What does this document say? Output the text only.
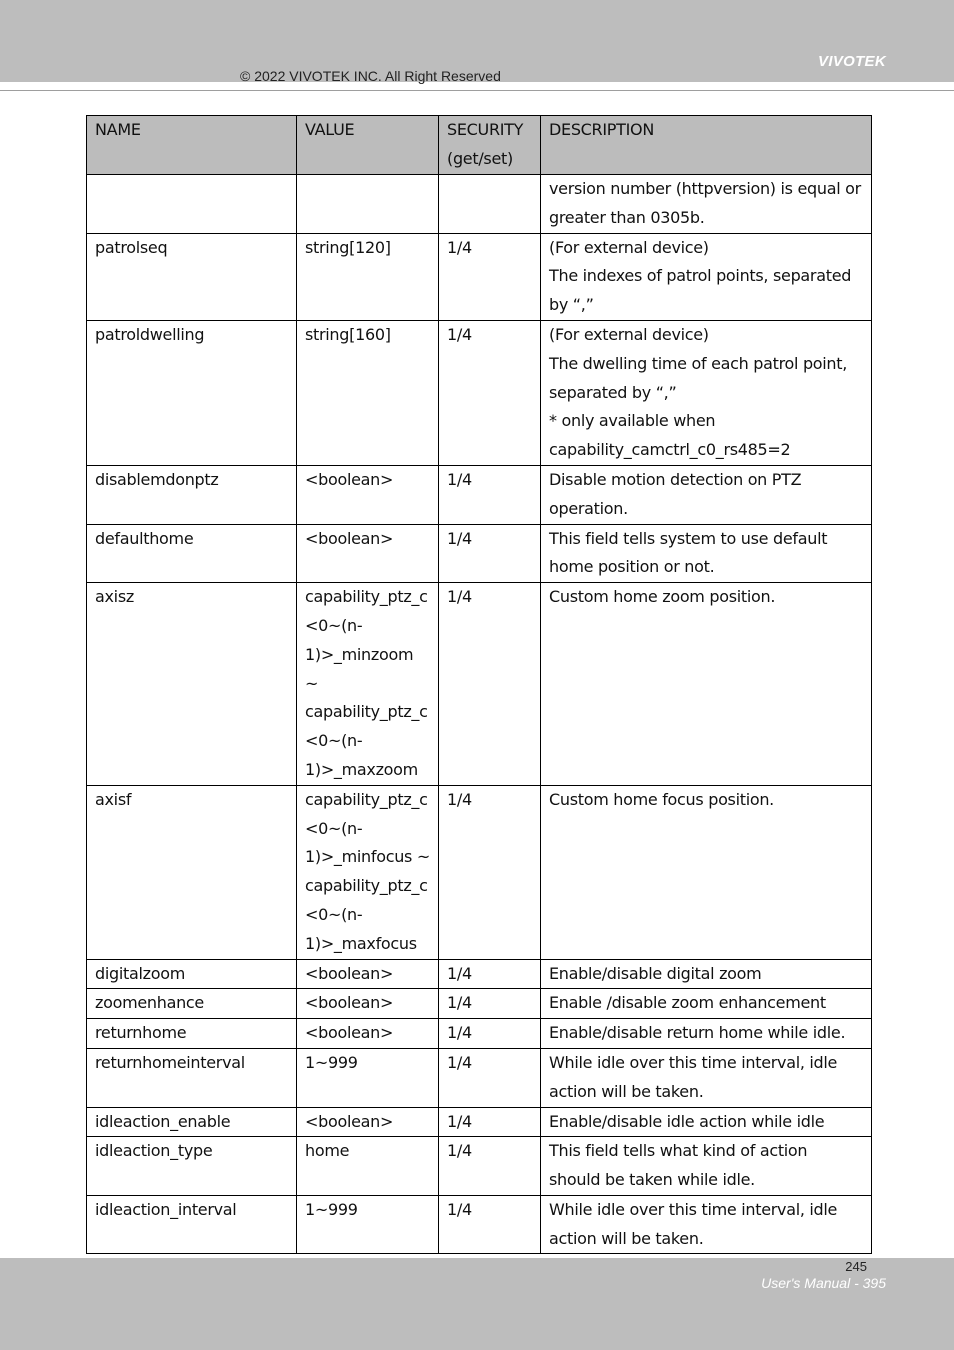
VIVOTEK
© 2022 VIVOTEK INC. All Right Reserved
NAME	VALUE	SECURITY (get/set)	DESCRIPTION

			version number (httpversion) is equal or greater than 0305b.

patrolseq	string[120]	1/4	(For external device)
The indexes of patrol points, separated by “,”

patroldwelling	string[160]	1/4	(For external device)
The dwelling time of each patrol point, separated by “,”
* only available when capability_camctrl_c0_rs485=2

disablemdonptz	<boolean>	1/4	Disable motion detection on PTZ operation.

defaulthome	<boolean>	1/4	This field tells system to use default home position or not.

axisz	capability_ptz_c<0~(n-1)>_minzoom ~ capability_ptz_c<0~(n-1)>_maxzoom	1/4	Custom home zoom position.

axisf	capability_ptz_c<0~(n-1)>_minfocus ~ capability_ptz_c<0~(n-1)>_maxfocus	1/4	Custom home focus position.

digitalzoom	<boolean>	1/4	Enable/disable digital zoom

zoomenhance	<boolean>	1/4	Enable /disable zoom enhancement

returnhome	<boolean>	1/4	Enable/disable return home while idle.

returnhomeinterval	1~999	1/4	While idle over this time interval, idle action will be taken.

idleaction_enable	<boolean>	1/4	Enable/disable idle action while idle

idleaction_type	home	1/4	This field tells what kind of action should be taken while idle.

idleaction_interval	1~999	1/4	While idle over this time interval, idle action will be taken.
245
User's Manual - 395
